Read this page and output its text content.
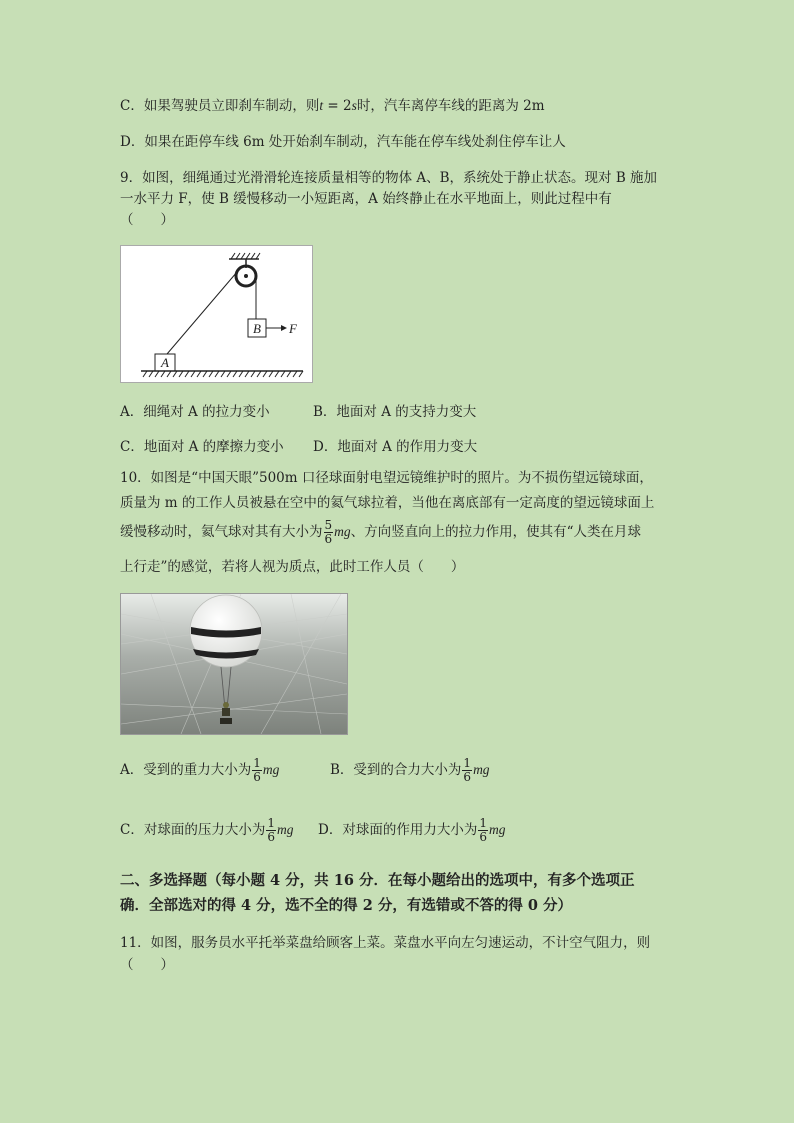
C．如果驾驶员立即刹车制动，则t = 2s时，汽车离停车线的距离为 2m
D．如果在距停车线 6m 处开始刹车制动，汽车能在停车线处刹住停车让人
9．如图，细绳通过光滑滑轮连接质量相等的物体 A、B，系统处于静止状态。现对 B 施加
一水平力 F，使 B 缓慢移动一小短距离，A 始终静止在水平地面上，则此过程中有
（　　）
B F
A
A．细绳对 A 的拉力变小	B．地面对 A 的支持力变大
C．地面对 A 的摩擦力变小 D．地面对 A 的作用力变大
10．如图是“中国天眼”500m 口径球面射电望远镜维护时的照片。为不损伤望远镜球面，
质量为 m 的工作人员被悬在空中的氦气球拉着，当他在离底部有一定高度的望远镜球面上
缓慢移动时，氦气球对其有大小为 $\frac{5}{6}$ mg、方向竖直向上的拉力作用，使其有“人类在月球
上行走”的感觉，若将人视为质点，此时工作人员（　　）
A．受到的重力大小为 $\frac{1}{6}$ mg	B．受到的合力大小为 $\frac{1}{6}$ mg
C．对球面的压力大小为 $\frac{1}{6}$ mg D．对球面的作用力大小为 $\frac{1}{6}$ mg
二、多选择题（每小题 4 分，共 16 分．在每小题给出的选项中，有多个选项正
确．全部选对的得 4 分，选不全的得 2 分，有选错或不答的得 0 分）
11．如图，服务员水平托举菜盘给顾客上菜。菜盘水平向左匀速运动，不计空气阻力，则
（　　）
